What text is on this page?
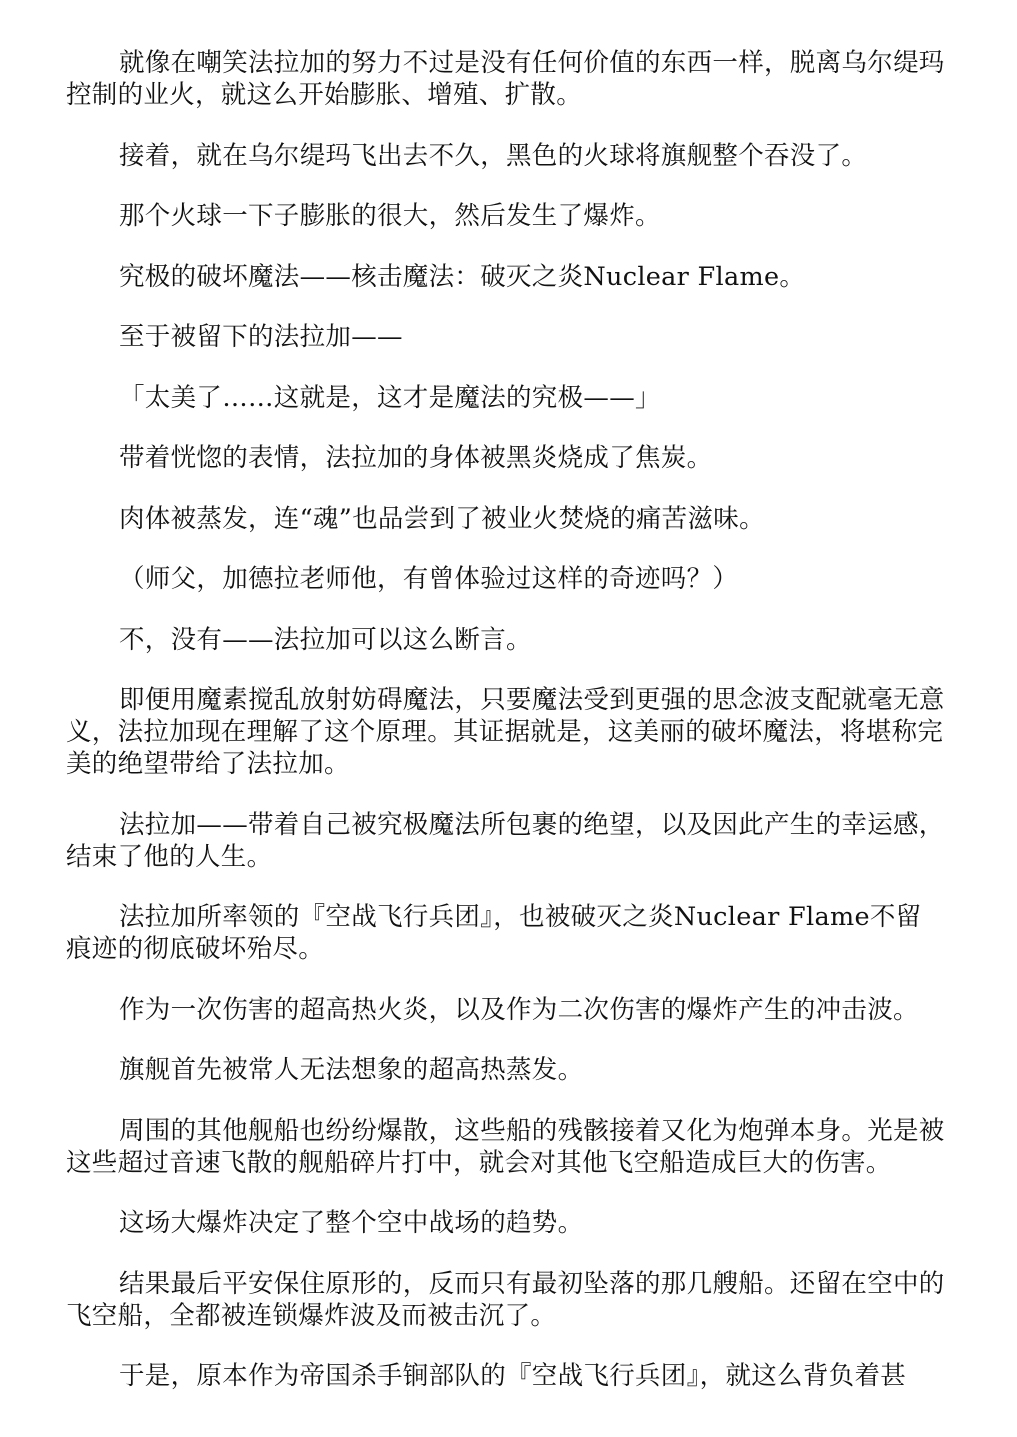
就像在嘲笑法拉加的努力不过是没有任何价值的东西一样，脱离乌尔缇玛控制的业火，就这么开始膨胀、增殖、扩散。

接着，就在乌尔缇玛飞出去不久，黑色的火球将旗舰整个吞没了。

那个火球一下子膨胀的很大，然后发生了爆炸。

究极的破坏魔法——核击魔法：破灭之炎Nuclear Flame。

至于被留下的法拉加——

「太美了……这就是，这才是魔法的究极——」

带着恍惚的表情，法拉加的身体被黑炎烧成了焦炭。

肉体被蒸发，连“魂”也品尝到了被业火焚烧的痛苦滋味。

（师父，加德拉老师他，有曾体验过这样的奇迹吗？）

不，没有——法拉加可以这么断言。

即便用魔素搅乱放射妨碍魔法，只要魔法受到更强的思念波支配就毫无意义，法拉加现在理解了这个原理。其证据就是，这美丽的破坏魔法，将堪称完美的绝望带给了法拉加。

法拉加——带着自己被究极魔法所包裹的绝望，以及因此产生的幸运感，结束了他的人生。

法拉加所率领的『空战飞行兵团』，也被破灭之炎Nuclear Flame不留痕迹的彻底破坏殆尽。

作为一次伤害的超高热火炎，以及作为二次伤害的爆炸产生的冲击波。

旗舰首先被常人无法想象的超高热蒸发。

周围的其他舰船也纷纷爆散，这些船的残骸接着又化为炮弹本身。光是被这些超过音速飞散的舰船碎片打中，就会对其他飞空船造成巨大的伤害。

这场大爆炸决定了整个空中战场的趋势。

结果最后平安保住原形的，反而只有最初坠落的那几艘船。还留在空中的飞空船，全都被连锁爆炸波及而被击沉了。

于是，原本作为帝国杀手锏部队的『空战飞行兵团』，就这么背负着甚
